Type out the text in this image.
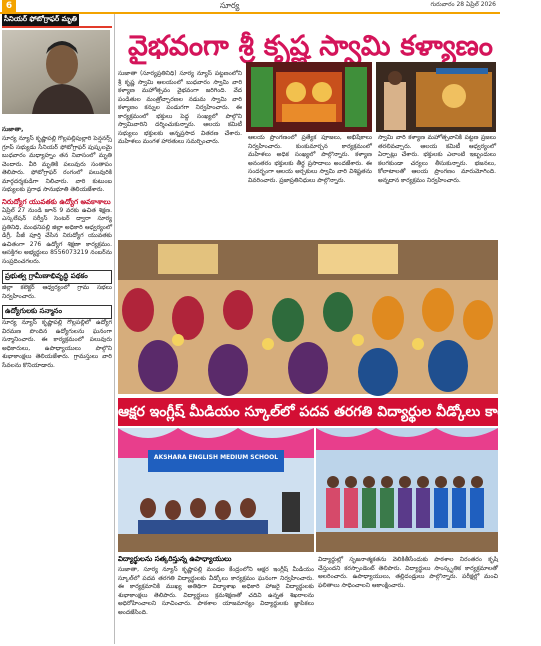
6	సూర్య	గురువారం 28 ఏప్రిల్ 2026
సీనియర్ ఫోటోగ్రాఫర్ మృతి
సుజాతా,
సూర్య న్యూస్ కృష్ణాపల్లి గొల్లపల్లిపుల్లారి పెన్షనర్స్ గ్రూప్ సభ్యుడు సీనియర్ ఫోటోగ్రాఫర్ పుష్కలమై బుధవారం మధ్యాహ్నం తన నివాసంలో మృతి చెందారు. వీరి మృతికి పలువురు సంతాపం తెలిపారు. ఫోటోగ్రాఫర్ రంగంలో పలువురికి మార్గదర్శకుడిగా నిలిచారు. వారి కుటుంబ సభ్యులకు ప్రగాఢ సానుభూతి తెలియజేశారు.
నిరుద్యోగ యువతకు ఉద్యోగ అవకాశాలు
ఏప్రిల్ 27 నుండి జూన్ 9 వరకు ఉచిత శిక్షణ. ఎస్కలేషన్ సర్వీస్ సెంటర్ ద్వారా సూర్య ప్రతినిధి, మంథనిపల్లి జిల్లా అధికారి ఆధ్వర్యంలో డిగ్రీ, పీజీ పూర్తి చేసిన నిరుద్యోగ యువతకు ఉచితంగా 276 ఉద్యోగ శిక్షణా కార్యక్రమం. ఆసక్తిగల అభ్యర్థులు 8556073219 నంబర్‌ను సంప్రదించగలరు.
ప్రభుత్వ గ్రామీణాభివృద్ధి పథకం
జిల్లా కలెక్టర్ ఆధ్వర్యంలో గ్రామ సభలు నిర్వహించారు.
ఉద్యోగులకు సన్మానం
సూర్య న్యూస్ కృష్ణాపల్లి గొల్లపల్లిలో ఉద్యోగ విరమణ పొందిన ఉద్యోగులను ఘనంగా సన్మానించారు. ఈ కార్యక్రమంలో పలువురు అధికారులు, ఉపాధ్యాయులు పాల్గొని శుభాకాంక్షలు తెలియజేశారు. గ్రామస్తులు వారి సేవలను కొనియాడారు.
వైభవంగా శ్రీ కృష్ణ స్వామి కళ్యాణం
సుజాతా (సూర్యప్రతినిధి) సూర్య న్యూస్ పట్టణంలోని శ్రీ కృష్ణ స్వామి ఆలయంలో బుధవారం స్వామి వారి కళ్యాణ మహోత్సవం వైభవంగా జరిగింది. వేద పండితుల మంత్రోచ్ఛారణల నడుమ స్వామి వారి కళ్యాణం కన్నుల పండుగగా నిర్వహించారు. ఈ కార్యక్రమంలో భక్తులు పెద్ద సంఖ్యలో పాల్గొని స్వామివారిని దర్శించుకున్నారు. ఆలయ కమిటీ సభ్యులు భక్తులకు అన్నప్రసాద వితరణ చేశారు. మహిళలు మంగళ హారతులు సమర్పించారు.
ఆలయ ప్రాంగణంలో ప్రత్యేక పూజలు, అభిషేకాలు నిర్వహించారు. కుంకుమార్చన కార్యక్రమంలో మహిళలు అధిక సంఖ్యలో పాల్గొన్నారు. కళ్యాణ అనంతరం భక్తులకు తీర్థ ప్రసాదాలు అందజేశారు. ఈ సందర్భంగా ఆలయ అర్చకులు స్వామి వారి విశిష్టతను వివరించారు. ప్రజాప్రతినిధులు పాల్గొన్నారు.
స్వామి వారి కళ్యాణ మహోత్సవానికి పట్టణ ప్రజలు తరలివచ్చారు. ఆలయ కమిటీ ఆధ్వర్యంలో ఏర్పాట్లు చేశారు. భక్తులకు ఎలాంటి ఇబ్బందులు కలగకుండా చర్యలు తీసుకున్నారు. భజనలు, కోలాటాలతో ఆలయ ప్రాంగణం మారుమోగింది. అన్నదాన కార్యక్రమం నిర్వహించారు.
ఆక్షర ఇంగ్లీష్ మీడియం స్కూల్‌లో పదవ తరగతి విద్యార్థుల వీడ్కోలు కార్యక్రమం
AKSHARA ENGLISH MEDIUM SCHOOL
విద్యార్థులను సత్కరిస్తున్న ఉపాధ్యాయులు
సుజాతా, సూర్య న్యూస్ కృష్ణాపల్లి మండల కేంద్రంలోని ఆక్షర ఇంగ్లీష్ మీడియం స్కూల్‌లో పదవ తరగతి విద్యార్థులకు వీడ్కోలు కార్యక్రమం ఘనంగా నిర్వహించారు. ఈ కార్యక్రమానికి ముఖ్య అతిథిగా విద్యాశాఖ అధికారి హాజరై విద్యార్థులకు శుభాకాంక్షలు తెలిపారు. విద్యార్థులు క్రమశిక్షణతో చదివి ఉన్నత శిఖరాలను అధిరోహించాలని సూచించారు. పాఠశాల యాజమాన్యం విద్యార్థులకు జ్ఞాపికలు అందజేసింది.
విద్యార్థుల్లో సృజనాత్మకతను వెలికితీసేందుకు పాఠశాల నిరంతరం కృషి చేస్తుందని కరస్పాండెంట్ తెలిపారు. విద్యార్థులు సాంస్కృతిక కార్యక్రమాలతో అలరించారు. ఉపాధ్యాయులు, తల్లిదండ్రులు పాల్గొన్నారు. పరీక్షల్లో మంచి ఫలితాలు సాధించాలని ఆకాంక్షించారు.
